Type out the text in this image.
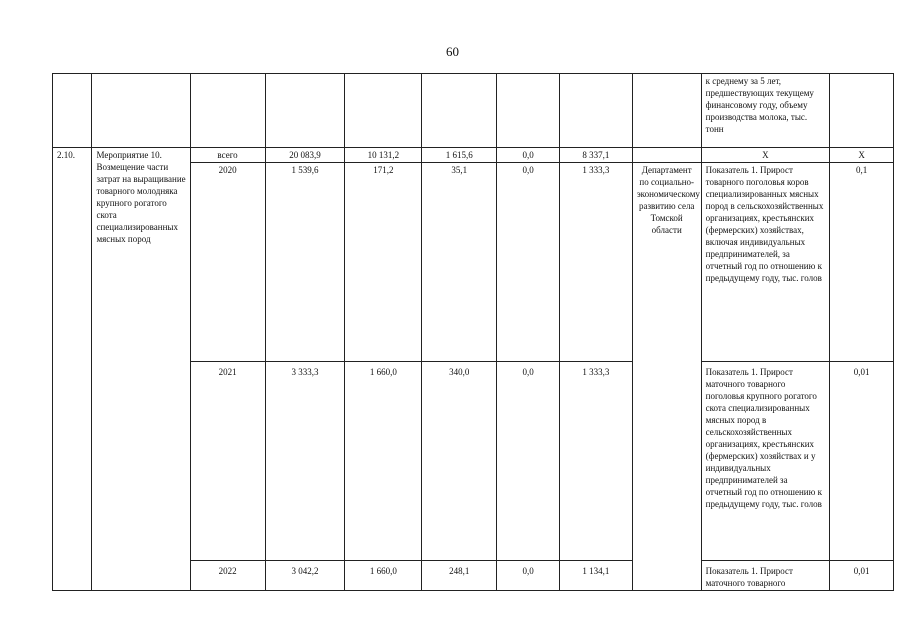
60
									к среднему за 5 лет, предшествующих текущему финансовому году, объему производства молока, тыс. тонн	
2.10.	Мероприятие 10. Возмещение части затрат на выращивание товарного молодняка крупного рогатого скота специализированных мясных пород	всего	20 083,9	10 131,2	1 615,6	0,0	8 337,1		Х	Х
		2020	1 539,6	171,2	35,1	0,0	1 333,3	Департамент по социально-экономическому развитию села Томской области	Показатель 1. Прирост товарного поголовья коров специализированных мясных пород в сельскохозяйственных организациях, крестьянских (фермерских) хозяйствах, включая индивидуальных предпринимателей, за отчетный год по отношению к предыдущему году, тыс. голов	0,1
		2021	3 333,3	1 660,0	340,0	0,0	1 333,3		Показатель 1. Прирост маточного товарного поголовья крупного рогатого скота специализированных мясных пород в сельскохозяйственных организациях, крестьянских (фермерских) хозяйствах и у индивидуальных предпринимателей за отчетный год по отношению к предыдущему году, тыс. голов	0,01
		2022	3 042,2	1 660,0	248,1	0,0	1 134,1		Показатель 1. Прирост маточного товарного	0,01
